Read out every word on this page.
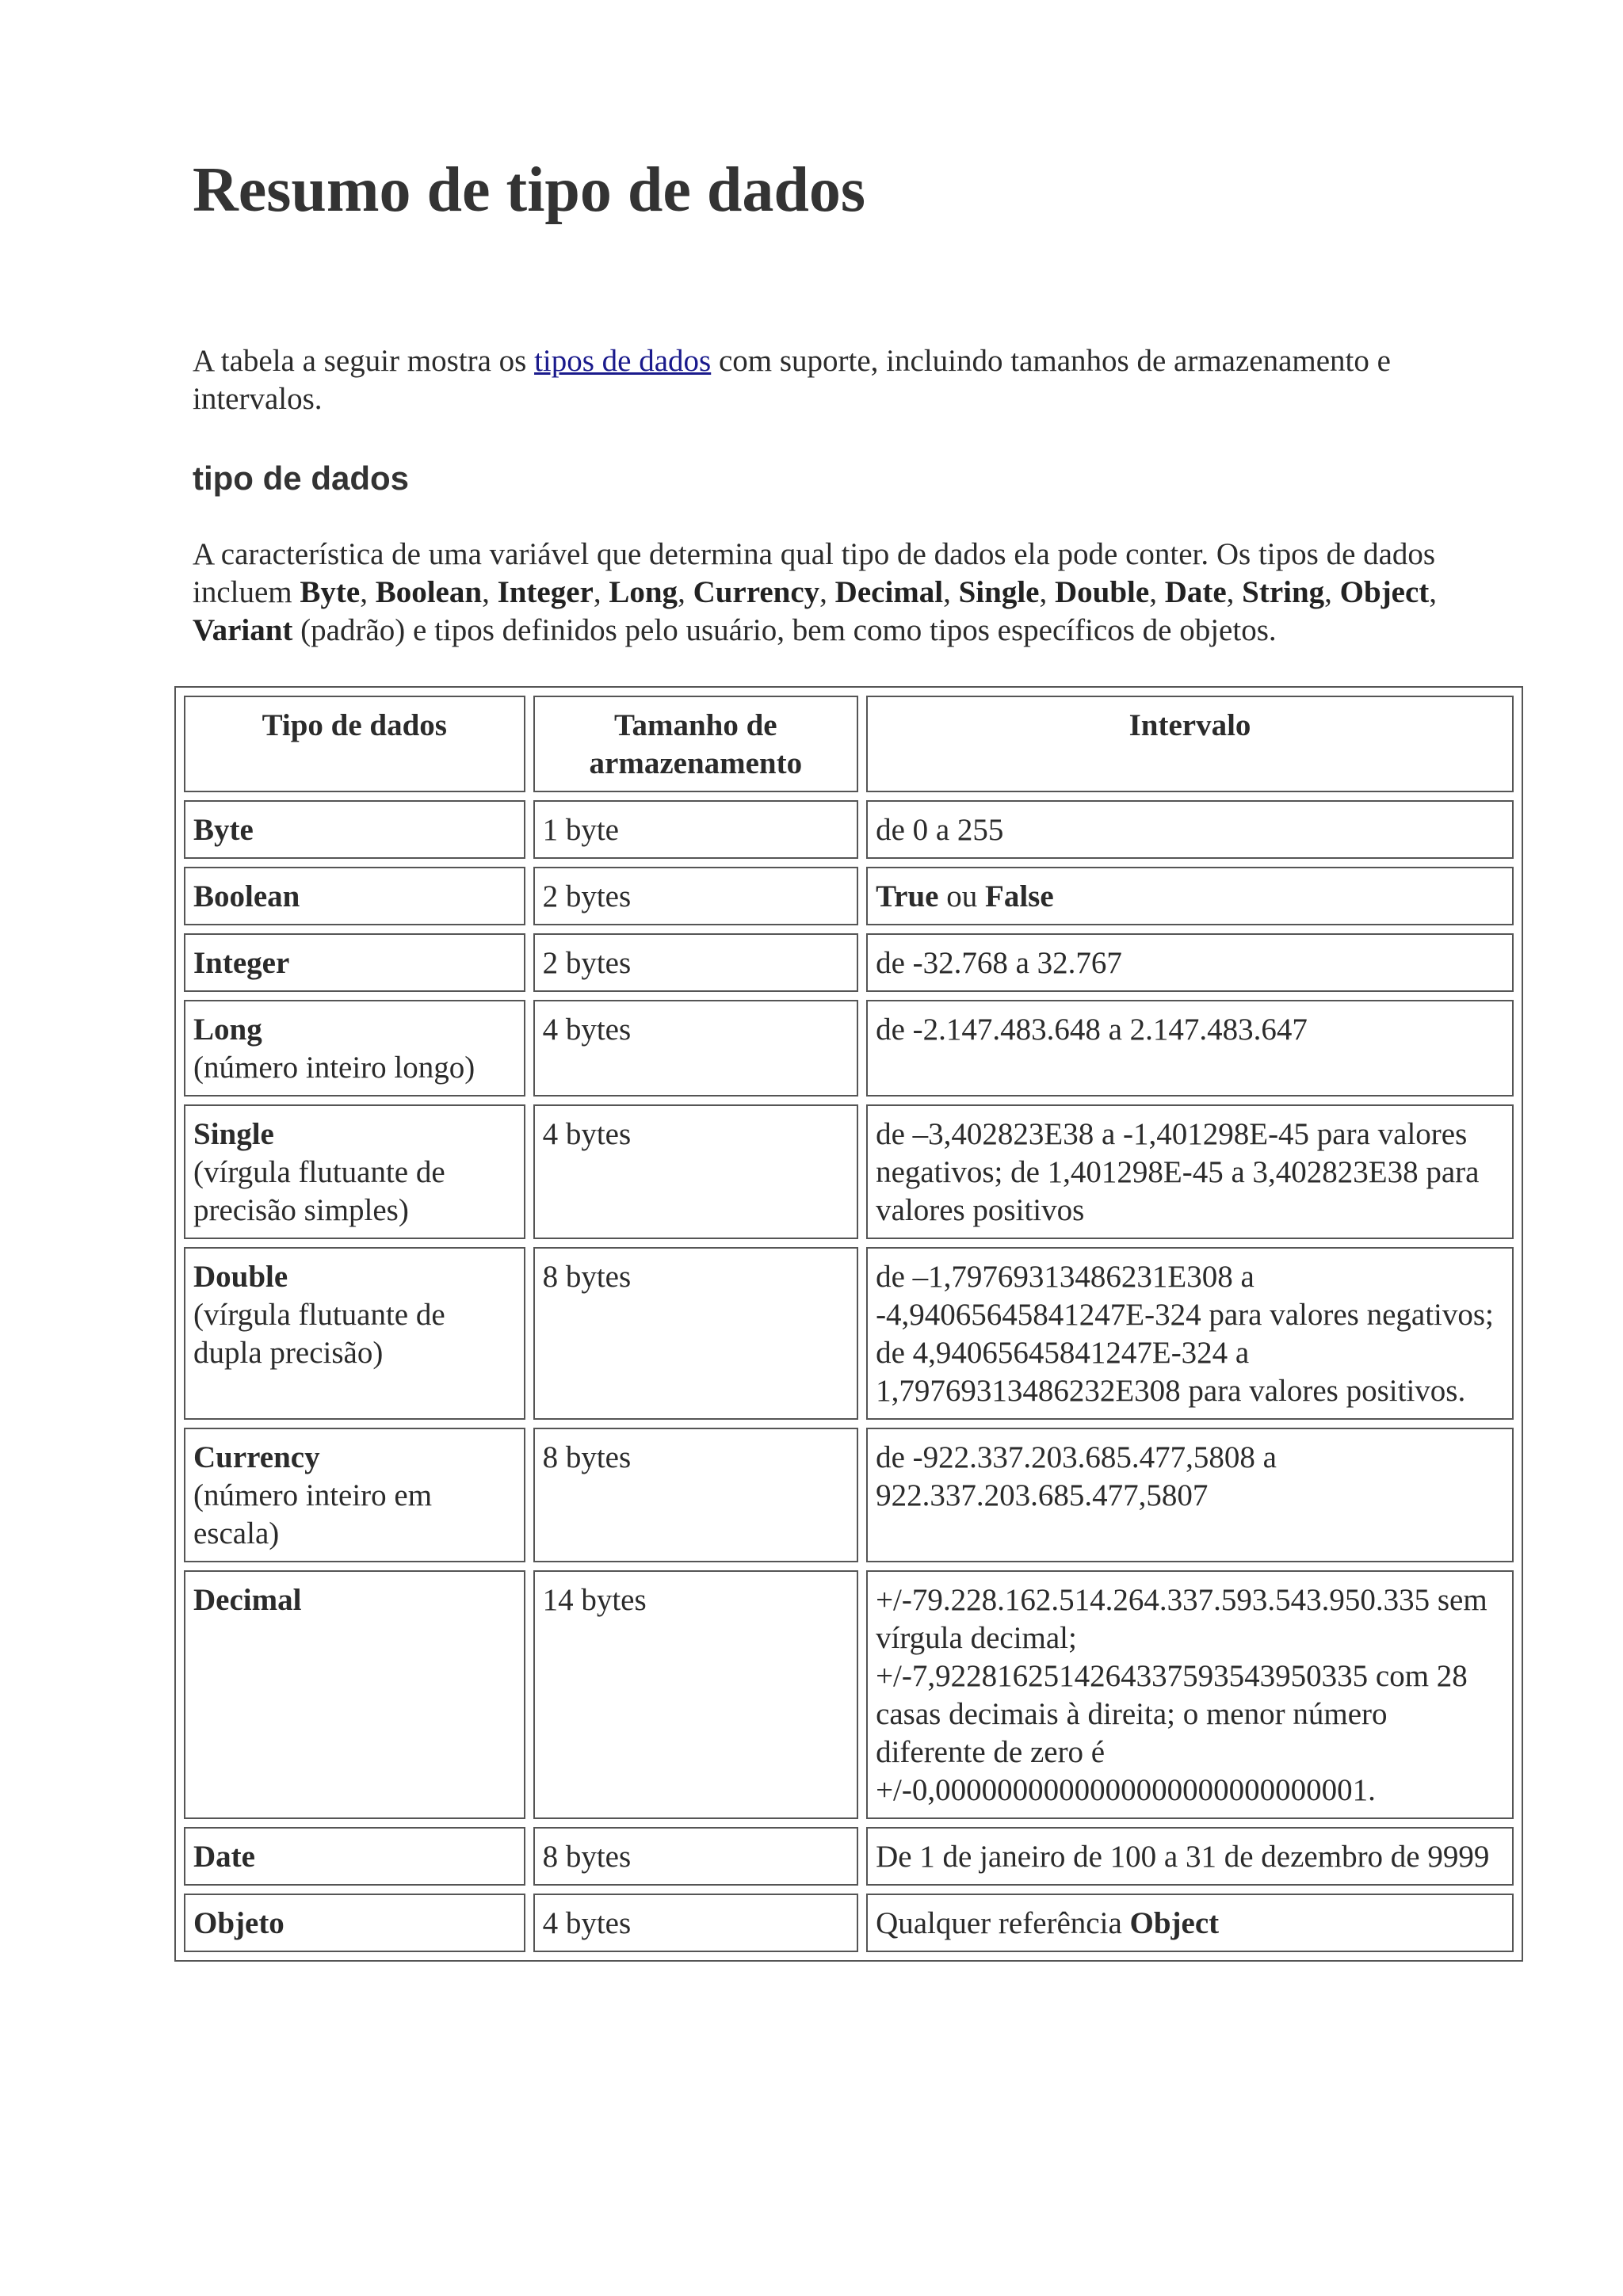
Resumo de tipo de dados

A tabela a seguir mostra os tipos de dados com suporte, incluindo tamanhos de armazenamento e intervalos.

tipo de dados

A característica de uma variável que determina qual tipo de dados ela pode conter. Os tipos de dados incluem Byte, Boolean, Integer, Long, Currency, Decimal, Single, Double, Date, String, Object, Variant (padrão) e tipos definidos pelo usuário, bem como tipos específicos de objetos.

Tipo de dados	Tamanho de armazenamento	Intervalo
Byte	1 byte	de 0 a 255
Boolean	2 bytes	True ou False
Integer	2 bytes	de -32.768 a 32.767
Long
(número inteiro longo)	4 bytes	de -2.147.483.648 a 2.147.483.647
Single
(vírgula flutuante de precisão simples)	4 bytes	de –3,402823E38 a -1,401298E-45 para valores negativos; de 1,401298E-45 a 3,402823E38 para valores positivos
Double
(vírgula flutuante de dupla precisão)	8 bytes	de –1,79769313486231E308 a -4,94065645841247E-324 para valores negativos; de 4,94065645841247E-324 a 1,79769313486232E308 para valores positivos.
Currency
(número inteiro em escala)	8 bytes	de -922.337.203.685.477,5808 a 922.337.203.685.477,5807
Decimal	14 bytes	+/-79.228.162.514.264.337.593.543.950.335 sem vírgula decimal; +/-7,9228162514264337593543950335 com 28 casas decimais à direita; o menor número diferente de zero é +/-0,0000000000000000000000000001.
Date	8 bytes	De 1 de janeiro de 100 a 31 de dezembro de 9999
Objeto	4 bytes	Qualquer referência Object
